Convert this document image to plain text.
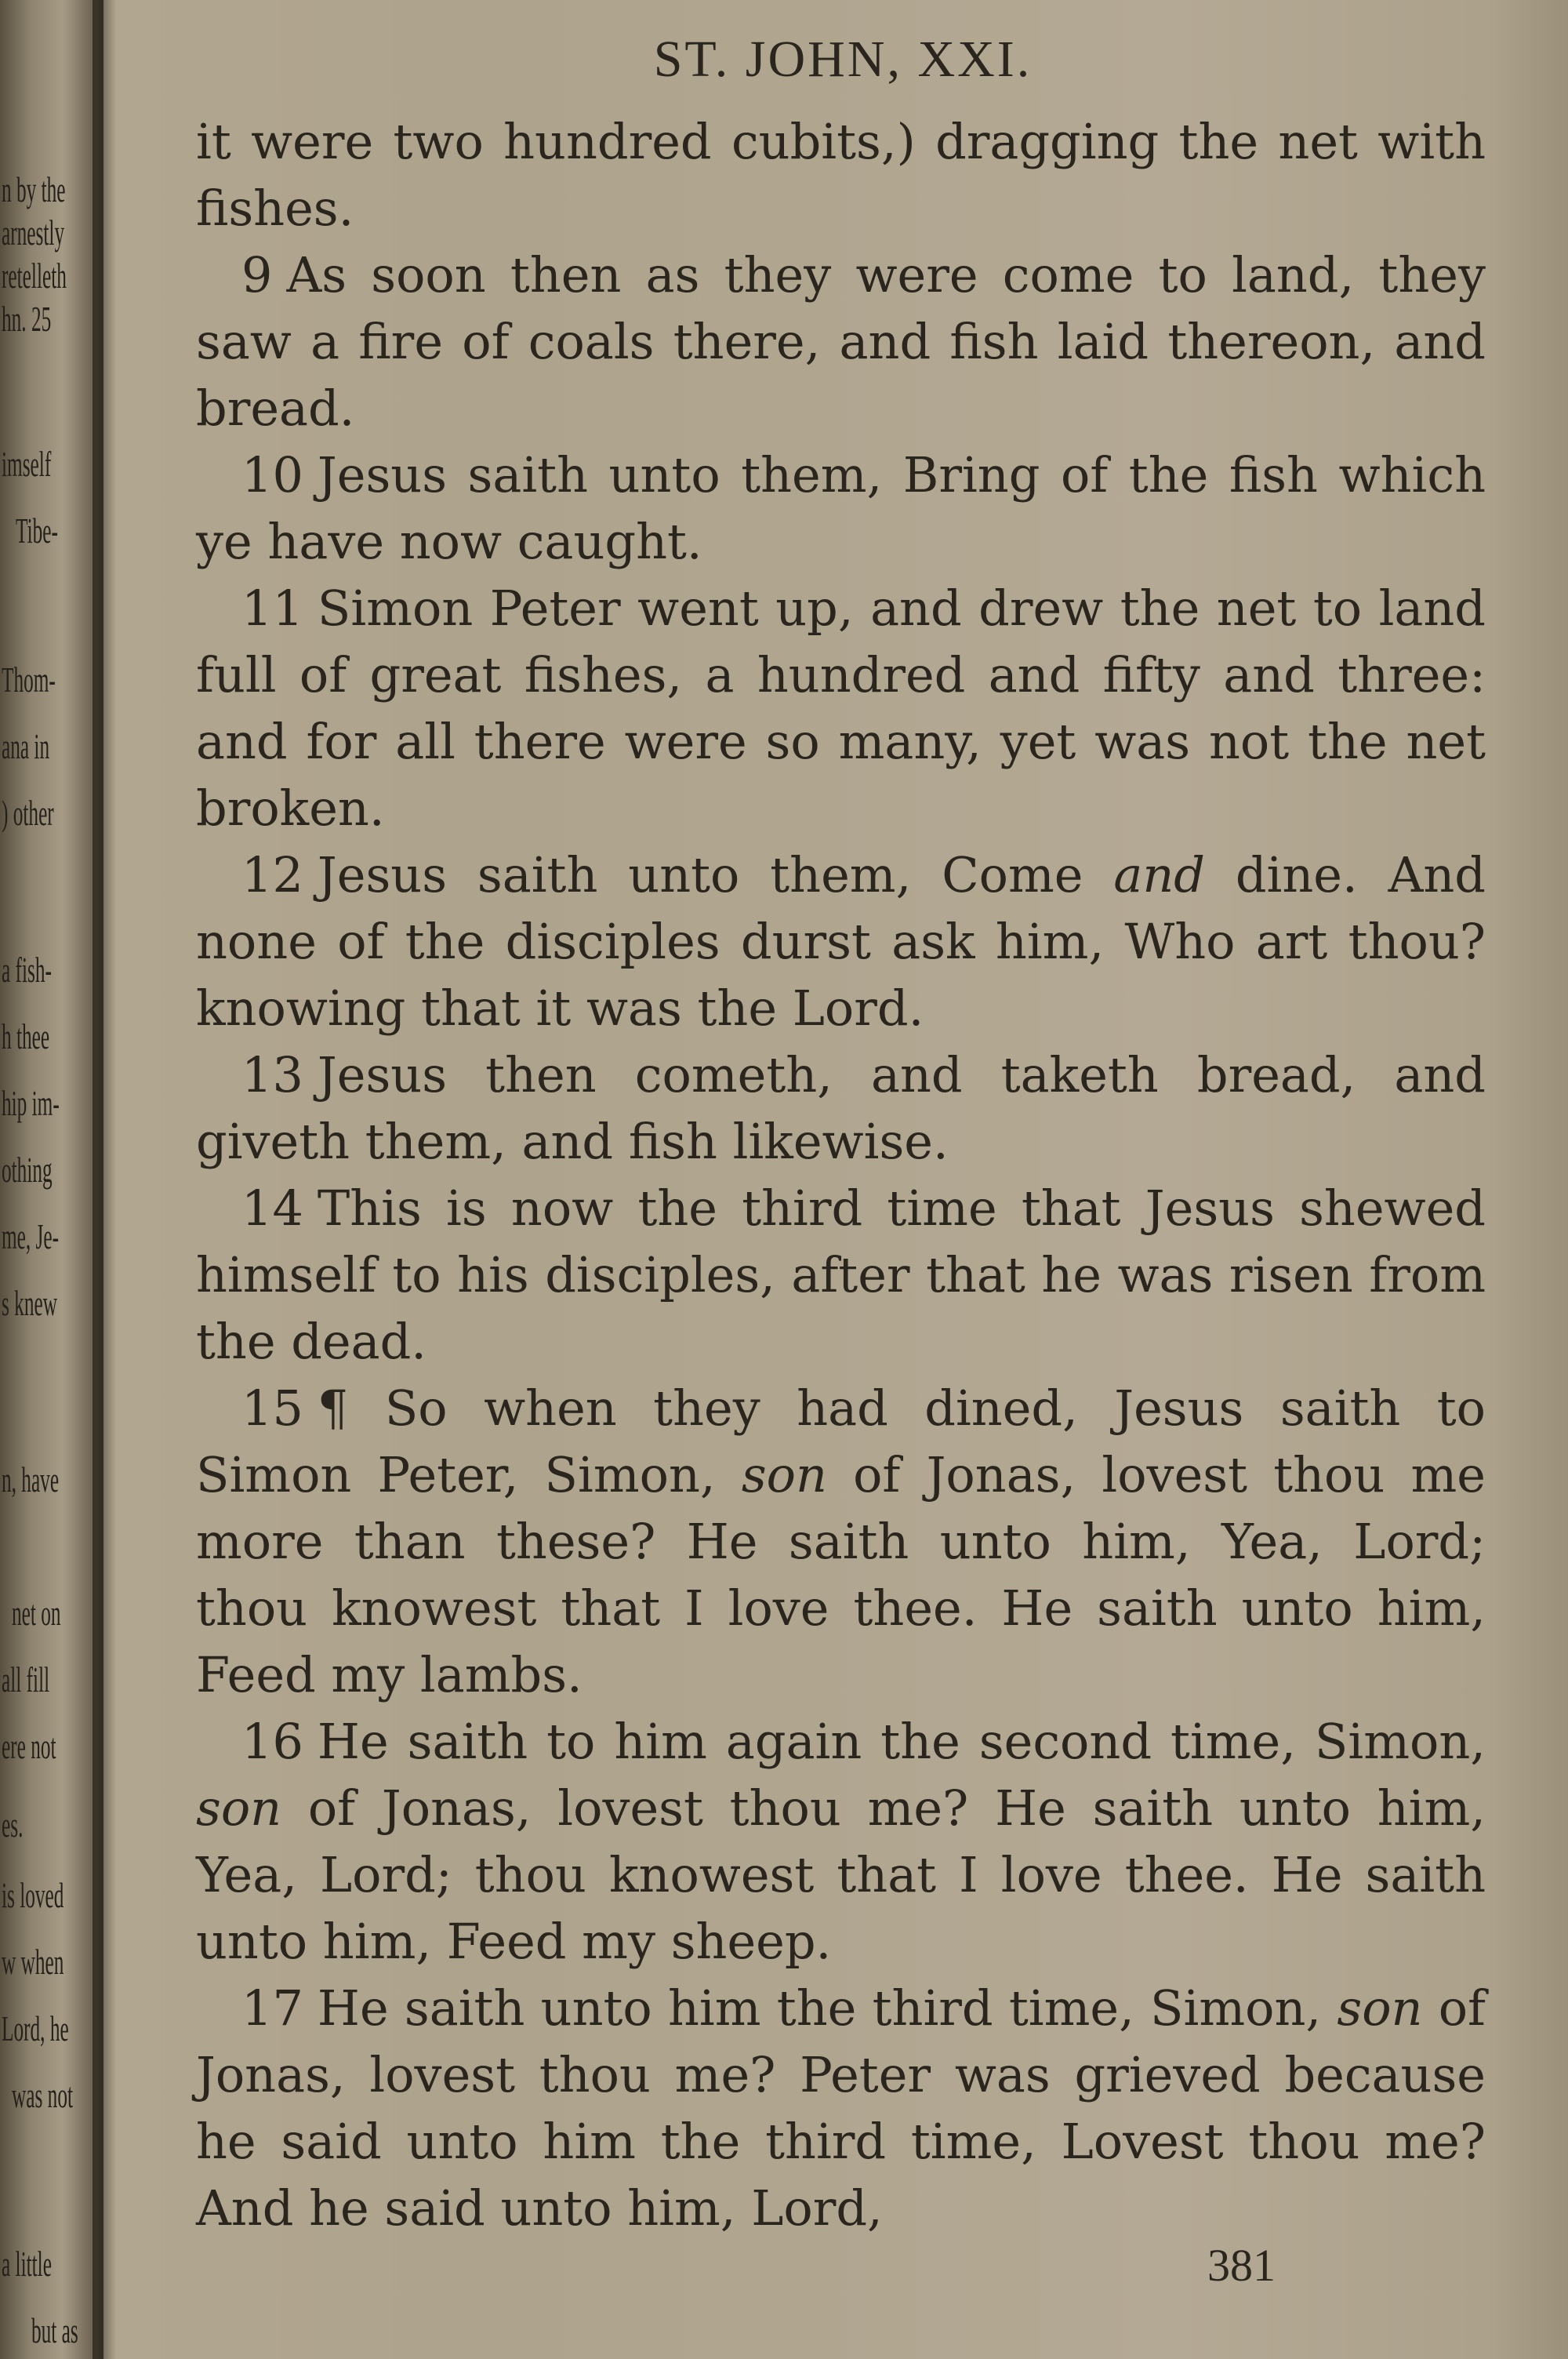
n by the
arnestly
retelleth
hn. 25
imself
Tibe-
Thom-
ana in
) other
a fish-
h thee
hip im-
othing
me, Je-
s knew
n, have
net on
all fill
ere not
es.
is loved
w when
Lord, he
was not
a little
but as
ST. JOHN, XXI.

it were two hundred cubits,) dragging the net with fishes.

9 As soon then as they were come to land, they saw a fire of coals there, and fish laid thereon, and bread.

10 Jesus saith unto them, Bring of the fish which ye have now caught.

11 Simon Peter went up, and drew the net to land full of great fishes, a hundred and fifty and three: and for all there were so many, yet was not the net broken.

12 Jesus saith unto them, Come and dine. And none of the disciples durst ask him, Who art thou? knowing that it was the Lord.

13 Jesus then cometh, and taketh bread, and giveth them, and fish likewise.

14 This is now the third time that Jesus shewed himself to his disciples, after that he was risen from the dead.

15 ¶ So when they had dined, Jesus saith to Simon Peter, Simon, son of Jonas, lovest thou me more than these? He saith unto him, Yea, Lord; thou knowest that I love thee. He saith unto him, Feed my lambs.

16 He saith to him again the second time, Simon, son of Jonas, lovest thou me? He saith unto him, Yea, Lord; thou knowest that I love thee. He saith unto him, Feed my sheep.

17 He saith unto him the third time, Simon, son of Jonas, lovest thou me? Peter was grieved because he said unto him the third time, Lovest thou me? And he said unto him, Lord,

381
